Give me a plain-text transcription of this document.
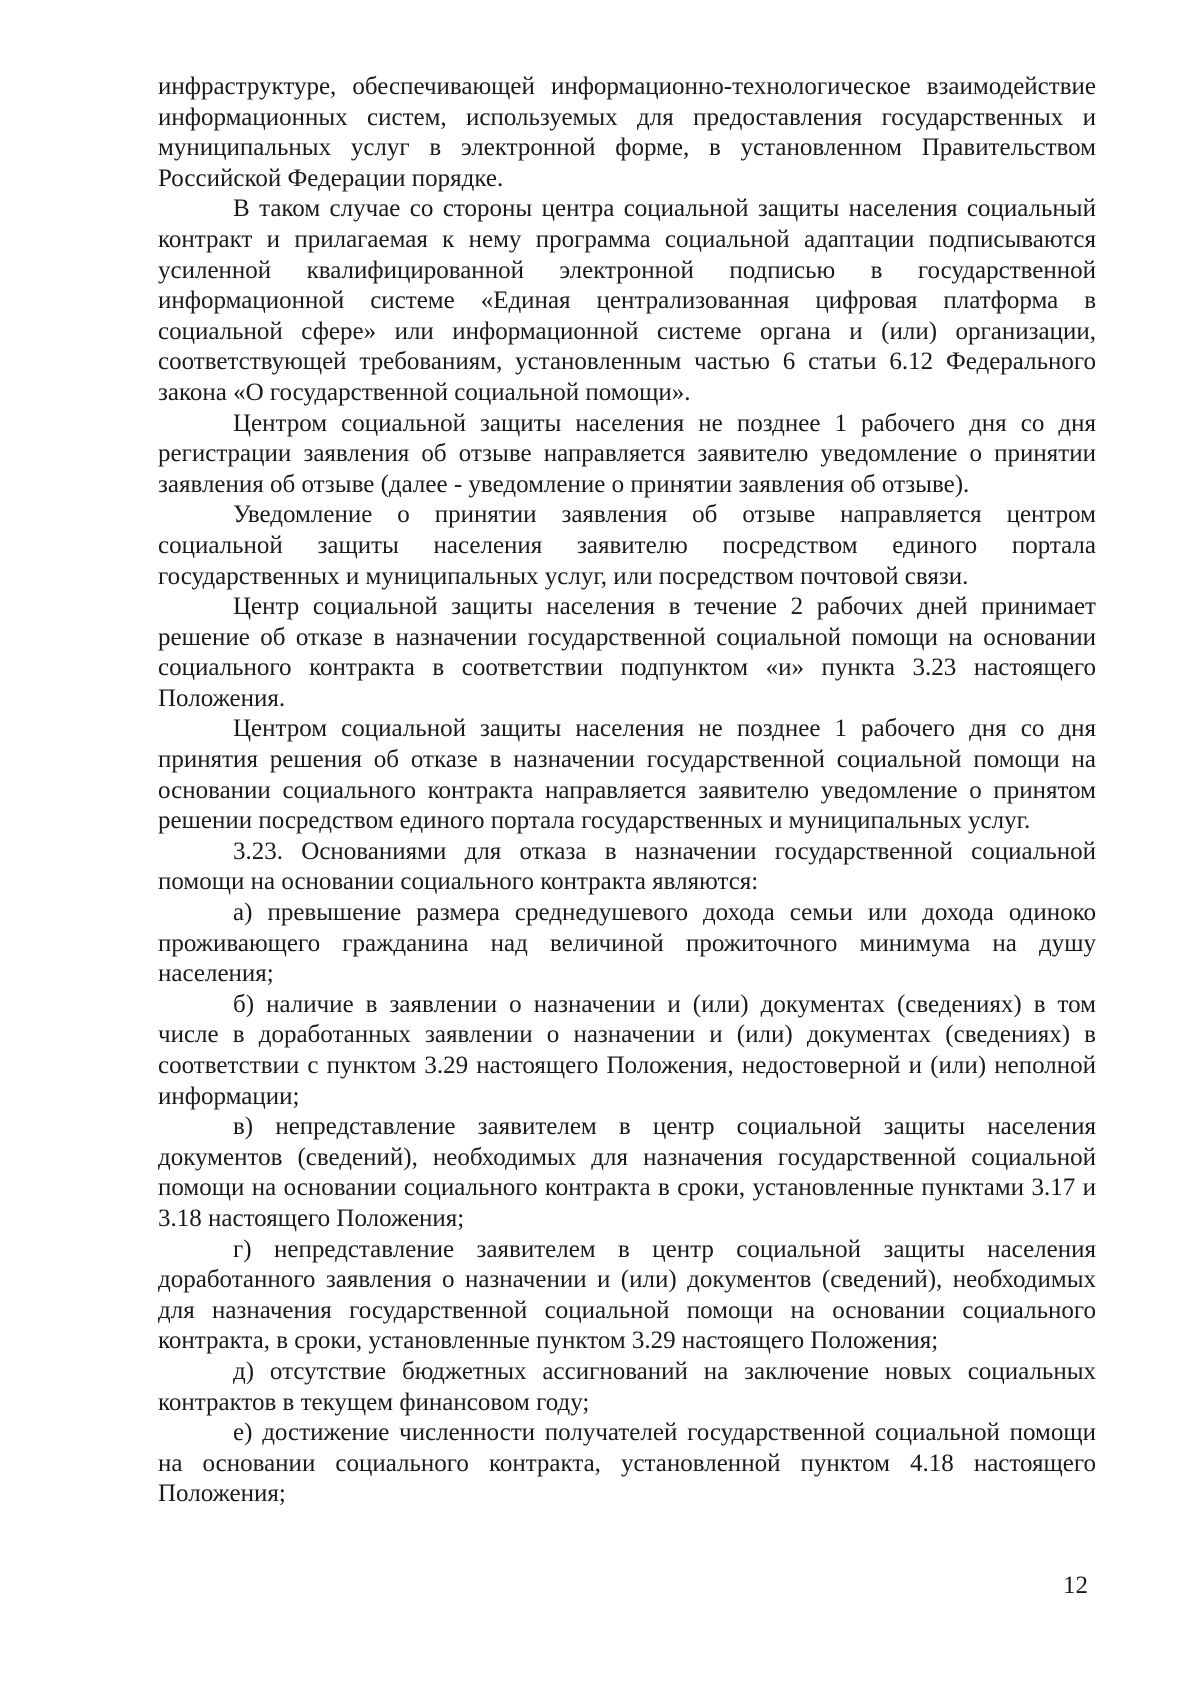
инфраструктуре, обеспечивающей информационно-технологическое взаимодействие информационных систем, используемых для предоставления государственных и муниципальных услуг в электронной форме, в установленном Правительством Российской Федерации порядке.

В таком случае со стороны центра социальной защиты населения социальный контракт и прилагаемая к нему программа социальной адаптации подписываются усиленной квалифицированной электронной подписью в государственной информационной системе «Единая централизованная цифровая платформа в социальной сфере» или информационной системе органа и (или) организации, соответствующей требованиям, установленным частью 6 статьи 6.12 Федерального закона «О государственной социальной помощи».

Центром социальной защиты населения не позднее 1 рабочего дня со дня регистрации заявления об отзыве направляется заявителю уведомление о принятии заявления об отзыве (далее - уведомление о принятии заявления об отзыве).

Уведомление о принятии заявления об отзыве направляется центром социальной защиты населения заявителю посредством единого портала государственных и муниципальных услуг, или посредством почтовой связи.

Центр социальной защиты населения в течение 2 рабочих дней принимает решение об отказе в назначении государственной социальной помощи на основании социального контракта в соответствии подпунктом «и» пункта 3.23 настоящего Положения.

Центром социальной защиты населения не позднее 1 рабочего дня со дня принятия решения об отказе в назначении государственной социальной помощи на основании социального контракта направляется заявителю уведомление о принятом решении посредством единого портала государственных и муниципальных услуг.

3.23. Основаниями для отказа в назначении государственной социальной помощи на основании социального контракта являются:

а) превышение размера среднедушевого дохода семьи или дохода одиноко проживающего гражданина над величиной прожиточного минимума на душу населения;

б) наличие в заявлении о назначении и (или) документах (сведениях) в том числе в доработанных заявлении о назначении и (или) документах (сведениях) в соответствии с пунктом 3.29 настоящего Положения, недостоверной и (или) неполной информации;

в) непредставление заявителем в центр социальной защиты населения документов (сведений), необходимых для назначения государственной социальной помощи на основании социального контракта в сроки, установленные пунктами 3.17 и 3.18 настоящего Положения;

г) непредставление заявителем в центр социальной защиты населения доработанного заявления о назначении и (или) документов (сведений), необходимых для назначения государственной социальной помощи на основании социального контракта, в сроки, установленные пунктом 3.29 настоящего Положения;

д) отсутствие бюджетных ассигнований на заключение новых социальных контрактов в текущем финансовом году;

е) достижение численности получателей государственной социальной помощи на основании социального контракта, установленной пунктом 4.18 настоящего Положения;

12
